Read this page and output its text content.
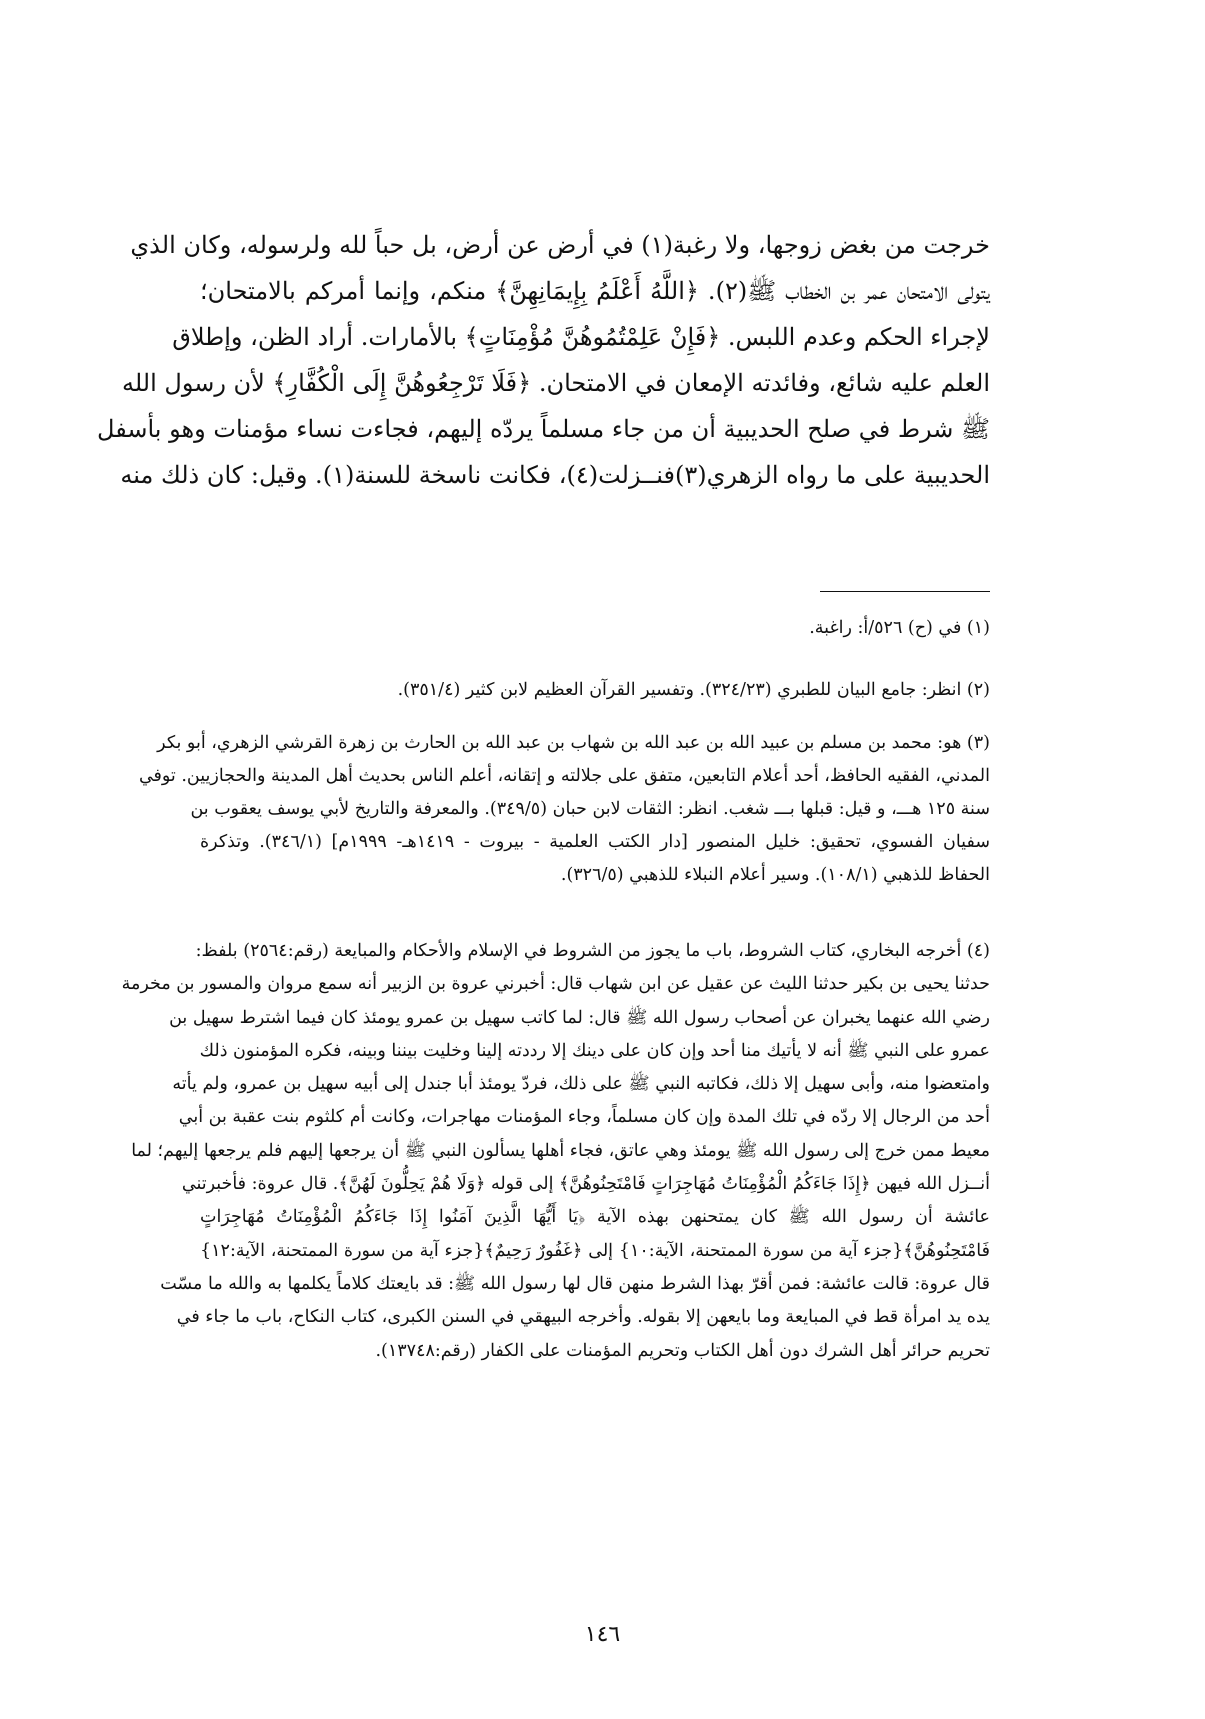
خرجت من بغض زوجها، ولا رغبة(١) في أرض عن أرض، بل حباً لله ولرسوله، وكان الذي
يتولى الامتحان عمر بن الخطاب ﷺ(٢). ﴿اللَّهُ أَعْلَمُ بِإِيمَانِهِنَّ﴾ منكم، وإنما أمركم بالامتحان؛
لإجراء الحكم وعدم اللبس. ﴿فَإِنْ عَلِمْتُمُوهُنَّ مُؤْمِنَاتٍ﴾ بالأمارات. أراد الظن، وإطلاق
العلم عليه شائع، وفائدته الإمعان في الامتحان. ﴿فَلَا تَرْجِعُوهُنَّ إِلَى الْكُفَّارِ﴾ لأن رسول الله
ﷺ شرط في صلح الحديبية أن من جاء مسلماً يردّه إليهم، فجاءت نساء مؤمنات وهو بأسفل
الحديبية على ما رواه الزهري(٣)فنــزلت(٤)، فكانت ناسخة للسنة(١). وقيل: كان ذلك منه
(١) في (ح) ٥٢٦/أ: راغبة.
(٢) انظر: جامع البيان للطبري (٣٢٤/٢٣). وتفسير القرآن العظيم لابن كثير (٣٥١/٤).
(٣) هو: محمد بن مسلم بن عبيد الله بن عبد الله بن شهاب بن عبد الله بن الحارث بن زهرة القرشي الزهري، أبو بكر
المدني، الفقيه الحافظ، أحد أعلام التابعين، متفق على جلالته و إتقانه، أعلم الناس بحديث أهل المدينة والحجازيين. توفي
سنة ١٢٥ هـــ، و قيل: قبلها بـــ شغب. انظر: الثقات لابن حبان (٣٤٩/٥). والمعرفة والتاريخ لأبي يوسف يعقوب بن
سفيان الفسوي، تحقيق: خليل المنصور [دار الكتب العلمية - بيروت - ١٤١٩هـ- ١٩٩٩م] (٣٤٦/١). وتذكرة
الحفاظ للذهبي (١٠٨/١). وسير أعلام النبلاء للذهبي (٣٢٦/٥).
(٤) أخرجه البخاري، كتاب الشروط، باب ما يجوز من الشروط في الإسلام والأحكام والمبايعة (رقم:٢٥٦٤) بلفظ:
حدثنا يحيى بن بكير حدثنا الليث عن عقيل عن ابن شهاب قال: أخبرني عروة بن الزبير أنه سمع مروان والمسور بن مخرمة
رضي الله عنهما يخبران عن أصحاب رسول الله ﷺ قال: لما كاتب سهيل بن عمرو يومئذ كان فيما اشترط سهيل بن
عمرو على النبي ﷺ أنه لا يأتيك منا أحد وإن كان على دينك إلا رددته إلينا وخليت بيننا وبينه، فكره المؤمنون ذلك
وامتعضوا منه، وأبى سهيل إلا ذلك، فكاتبه النبي ﷺ على ذلك، فردّ يومئذ أبا جندل إلى أبيه سهيل بن عمرو، ولم يأته
أحد من الرجال إلا ردّه في تلك المدة وإن كان مسلماً، وجاء المؤمنات مهاجرات، وكانت أم كلثوم بنت عقبة بن أبي
معيط ممن خرج إلى رسول الله ﷺ يومئذ وهي عاتق، فجاء أهلها يسألون النبي ﷺ أن يرجعها إليهم فلم يرجعها إليهم؛ لما
أنــزل الله فيهن ﴿إِذَا جَاءَكُمُ الْمُؤْمِنَاتُ مُهَاجِرَاتٍ فَامْتَحِنُوهُنَّ﴾ إلى قوله ﴿وَلَا هُمْ يَحِلُّونَ لَهُنَّ﴾. قال عروة: فأخبرتني
عائشة أن رسول الله ﷺ كان يمتحنهن بهذه الآية ﴿يَا أَيُّهَا الَّذِينَ آمَنُوا إِذَا جَاءَكُمُ الْمُؤْمِنَاتُ مُهَاجِرَاتٍ
فَامْتَحِنُوهُنَّ﴾{جزء آية من سورة الممتحنة، الآية:١٠} إلى ﴿غَفُورٌ رَحِيمٌ﴾{جزء آية من سورة الممتحنة، الآية:١٢}
قال عروة: قالت عائشة: فمن أقرّ بهذا الشرط منهن قال لها رسول الله ﷺ: قد بايعتك كلاماً يكلمها به والله ما مسّت
يده يد امرأة قط في المبايعة وما بايعهن إلا بقوله. وأخرجه البيهقي في السنن الكبرى، كتاب النكاح، باب ما جاء في
تحريم حرائر أهل الشرك دون أهل الكتاب وتحريم المؤمنات على الكفار (رقم:١٣٧٤٨).
١٤٦
